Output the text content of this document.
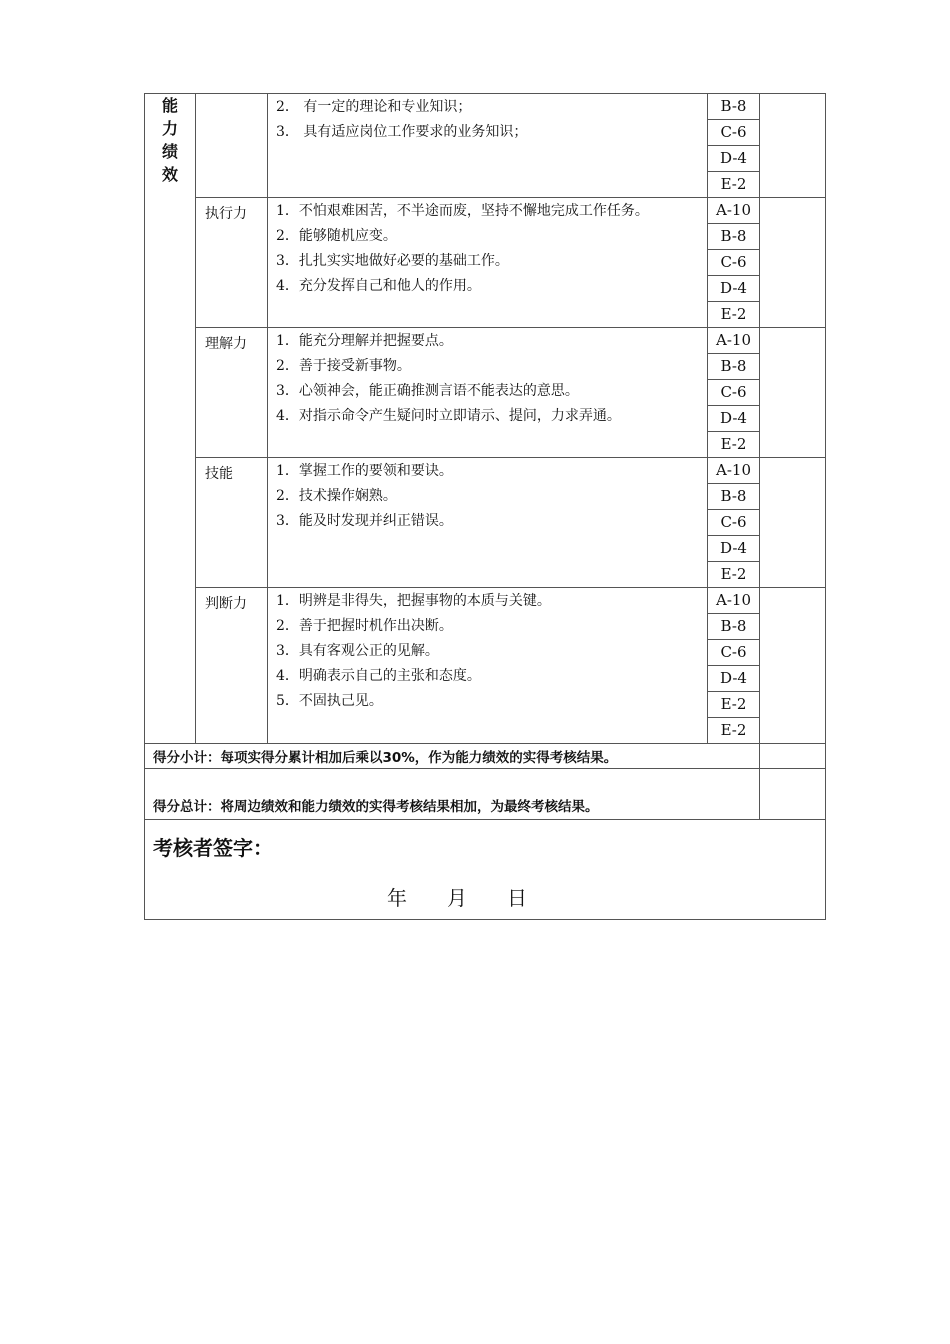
能力绩效		2． 有一定的理论和专业知识；
3． 具有适应岗位工作要求的业务知识；	B-8	
			C-6	
			D-4	
			E-2	
	执行力	1．不怕艰难困苦，不半途而废，坚持不懈地完成工作任务。
2．能够随机应变。
3．扎扎实实地做好必要的基础工作。
4．充分发挥自己和他人的作用。	A-10	
			B-8	
			C-6	
			D-4	
			E-2	
	理解力	1．能充分理解并把握要点。
2．善于接受新事物。
3．心领神会，能正确推测言语不能表达的意思。
4．对指示命令产生疑问时立即请示、提问，力求弄通。	A-10	
			B-8	
			C-6	
			D-4	
			E-2	
	技能	1．掌握工作的要领和要诀。
2．技术操作娴熟。
3．能及时发现并纠正错误。	A-10	
			B-8	
			C-6	
			D-4	
			E-2	
	判断力	1．明辨是非得失，把握事物的本质与关键。
2．善于把握时机作出决断。
3．具有客观公正的见解。
4．明确表示自己的主张和态度。
5．不固执己见。	A-10	
			B-8	
			C-6	
			D-4	
			E-2	
			E-2	
得分小计：每项实得分累计相加后乘以30%，作为能力绩效的实得考核结果。				
得分总计：将周边绩效和能力绩效的实得考核结果相加，为最终考核结果。				

考核者签字：
年 月 日				
